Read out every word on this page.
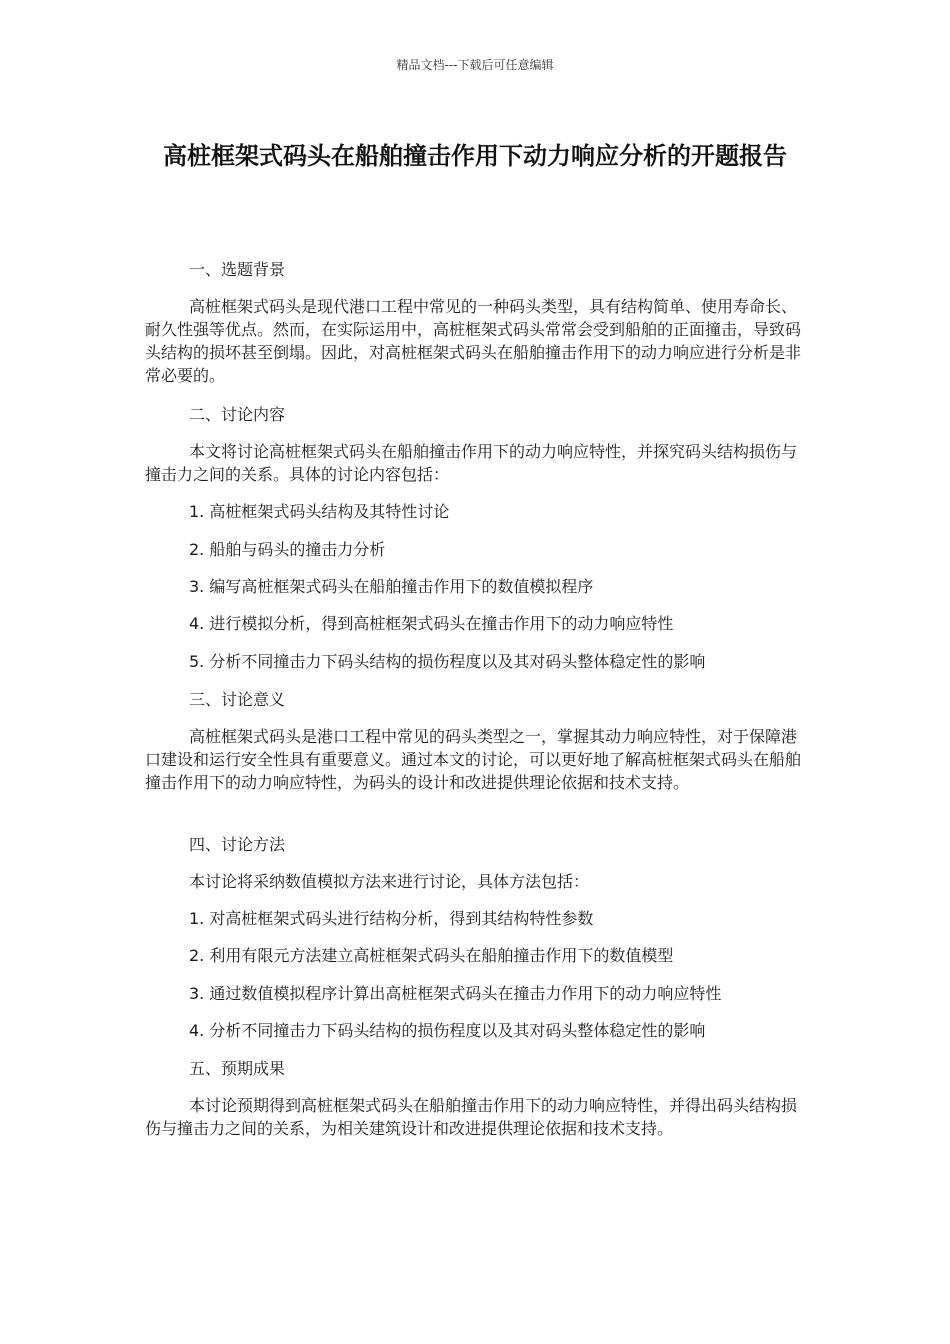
精品文档---下载后可任意编辑
高桩框架式码头在船舶撞击作用下动力响应分析的开题报告

一、选题背景

高桩框架式码头是现代港口工程中常见的一种码头类型，具有结构简单、使用寿命长、耐久性强等优点。然而，在实际运用中，高桩框架式码头常常会受到船舶的正面撞击，导致码头结构的损坏甚至倒塌。因此，对高桩框架式码头在船舶撞击作用下的动力响应进行分析是非常必要的。

二、讨论内容

本文将讨论高桩框架式码头在船舶撞击作用下的动力响应特性，并探究码头结构损伤与撞击力之间的关系。具体的讨论内容包括：

1. 高桩框架式码头结构及其特性讨论

2. 船舶与码头的撞击力分析

3. 编写高桩框架式码头在船舶撞击作用下的数值模拟程序

4. 进行模拟分析，得到高桩框架式码头在撞击作用下的动力响应特性

5. 分析不同撞击力下码头结构的损伤程度以及其对码头整体稳定性的影响

三、讨论意义

高桩框架式码头是港口工程中常见的码头类型之一，掌握其动力响应特性，对于保障港口建设和运行安全性具有重要意义。通过本文的讨论，可以更好地了解高桩框架式码头在船舶撞击作用下的动力响应特性，为码头的设计和改进提供理论依据和技术支持。

四、讨论方法

本讨论将采纳数值模拟方法来进行讨论，具体方法包括：

1. 对高桩框架式码头进行结构分析，得到其结构特性参数

2. 利用有限元方法建立高桩框架式码头在船舶撞击作用下的数值模型

3. 通过数值模拟程序计算出高桩框架式码头在撞击力作用下的动力响应特性

4. 分析不同撞击力下码头结构的损伤程度以及其对码头整体稳定性的影响

五、预期成果

本讨论预期得到高桩框架式码头在船舶撞击作用下的动力响应特性，并得出码头结构损伤与撞击力之间的关系，为相关建筑设计和改进提供理论依据和技术支持。
